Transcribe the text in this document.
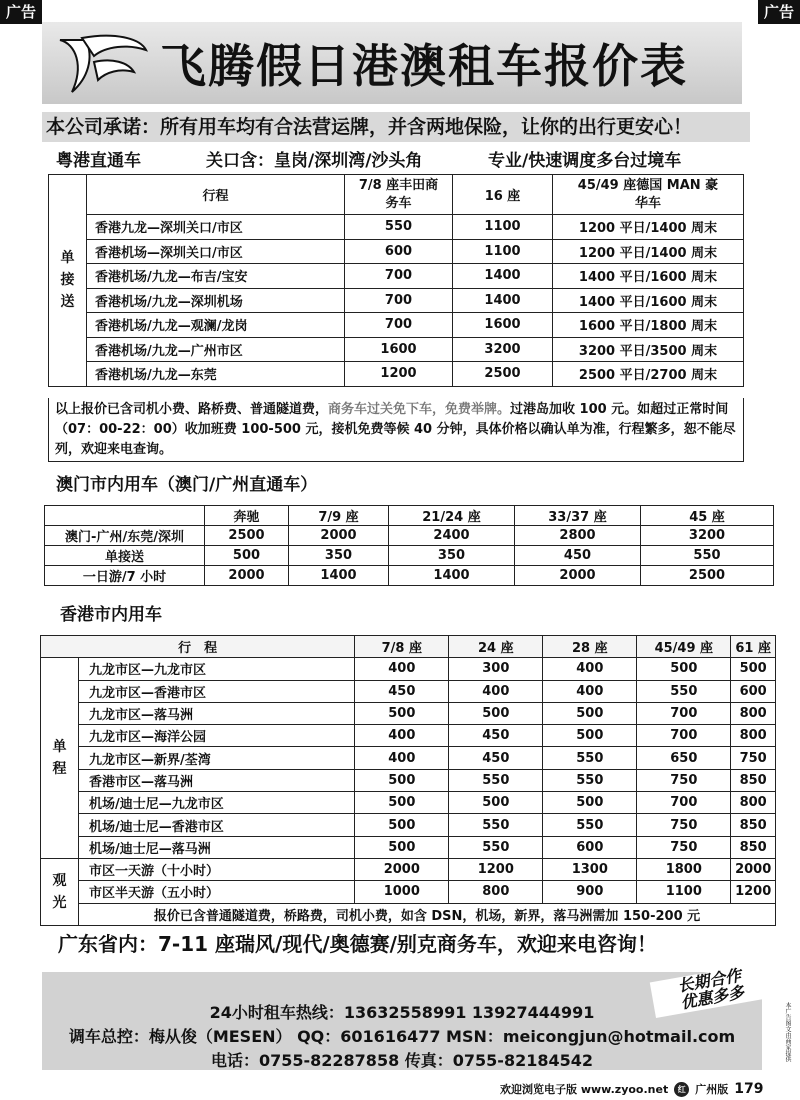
广告	广告
飞腾假日港澳租车报价表
本公司承诺：所有用车均有合法营运牌，并含两地保险，让你的出行更安心！
粤港直通车	关口含：皇岗/深圳湾/沙头角	专业/快速调度多台过境车
单接送	行程	7/8 座丰田商务车	16 座	45/49 座德国 MAN 豪华车
	香港九龙—深圳关口/市区	550	1100	1200 平日/1400 周末
	香港机场—深圳关口/市区	600	1100	1200 平日/1400 周末
	香港机场/九龙—布吉/宝安	700	1400	1400 平日/1600 周末
	香港机场/九龙—深圳机场	700	1400	1400 平日/1600 周末
	香港机场/九龙—观澜/龙岗	700	1600	1600 平日/1800 周末
	香港机场/九龙—广州市区	1600	3200	3200 平日/3500 周末
	香港机场/九龙—东莞	1200	2500	2500 平日/2700 周末
以上报价已含司机小费、路桥费、普通隧道费，商务车过关免下车，免费举牌。过港岛加收 100 元。如超过正常时间（07：00-22：00）收加班费 100-500 元，接机免费等候 40 分钟，具体价格以确认单为准，行程繁多，恕不能尽列，欢迎来电查询。
澳门市内用车（澳门/广州直通车）
	奔驰	7/9 座	21/24 座	33/37 座	45 座
澳门-广州/东莞/深圳	2500	2000	2400	2800	3200
单接送	500	350	350	450	550
一日游/7 小时	2000	1400	1400	2000	2500
香港市内用车
行　程		7/8 座	24 座	28 座	45/49 座	61 座
单程	九龙市区—九龙市区	400	300	400	500	500
	九龙市区—香港市区	450	400	400	550	600
	九龙市区—落马洲	500	500	500	700	800
	九龙市区—海洋公园	400	450	500	700	800
	九龙市区—新界/荃湾	400	450	550	650	750
	香港市区—落马洲	500	550	550	750	850
	机场/迪士尼—九龙市区	500	500	500	700	800
	机场/迪士尼—香港市区	500	550	550	750	850
	机场/迪士尼—落马洲	500	550	600	750	850
观光	市区一天游（十小时）	2000	1200	1300	1800	2000
	市区半天游（五小时）	1000	800	900	1100	1200
	报价已含普通隧道费，桥路费，司机小费，如含 DSN，机场，新界，落马洲需加 150-200 元					
广东省内：7-11 座瑞风/现代/奥德赛/别克商务车，欢迎来电咨询！
长期合作 优惠多多
24小时租车热线：13632558991 13927444991
调车总控：梅从俊（MESEN） QQ：601616477 MSN：meicongjun@hotmail.com
电话：0755-82287858 传真：0755-82184542	本广告图文由商家提供
欢迎浏览电子版 www.zyoo.net	红 广州版 179
